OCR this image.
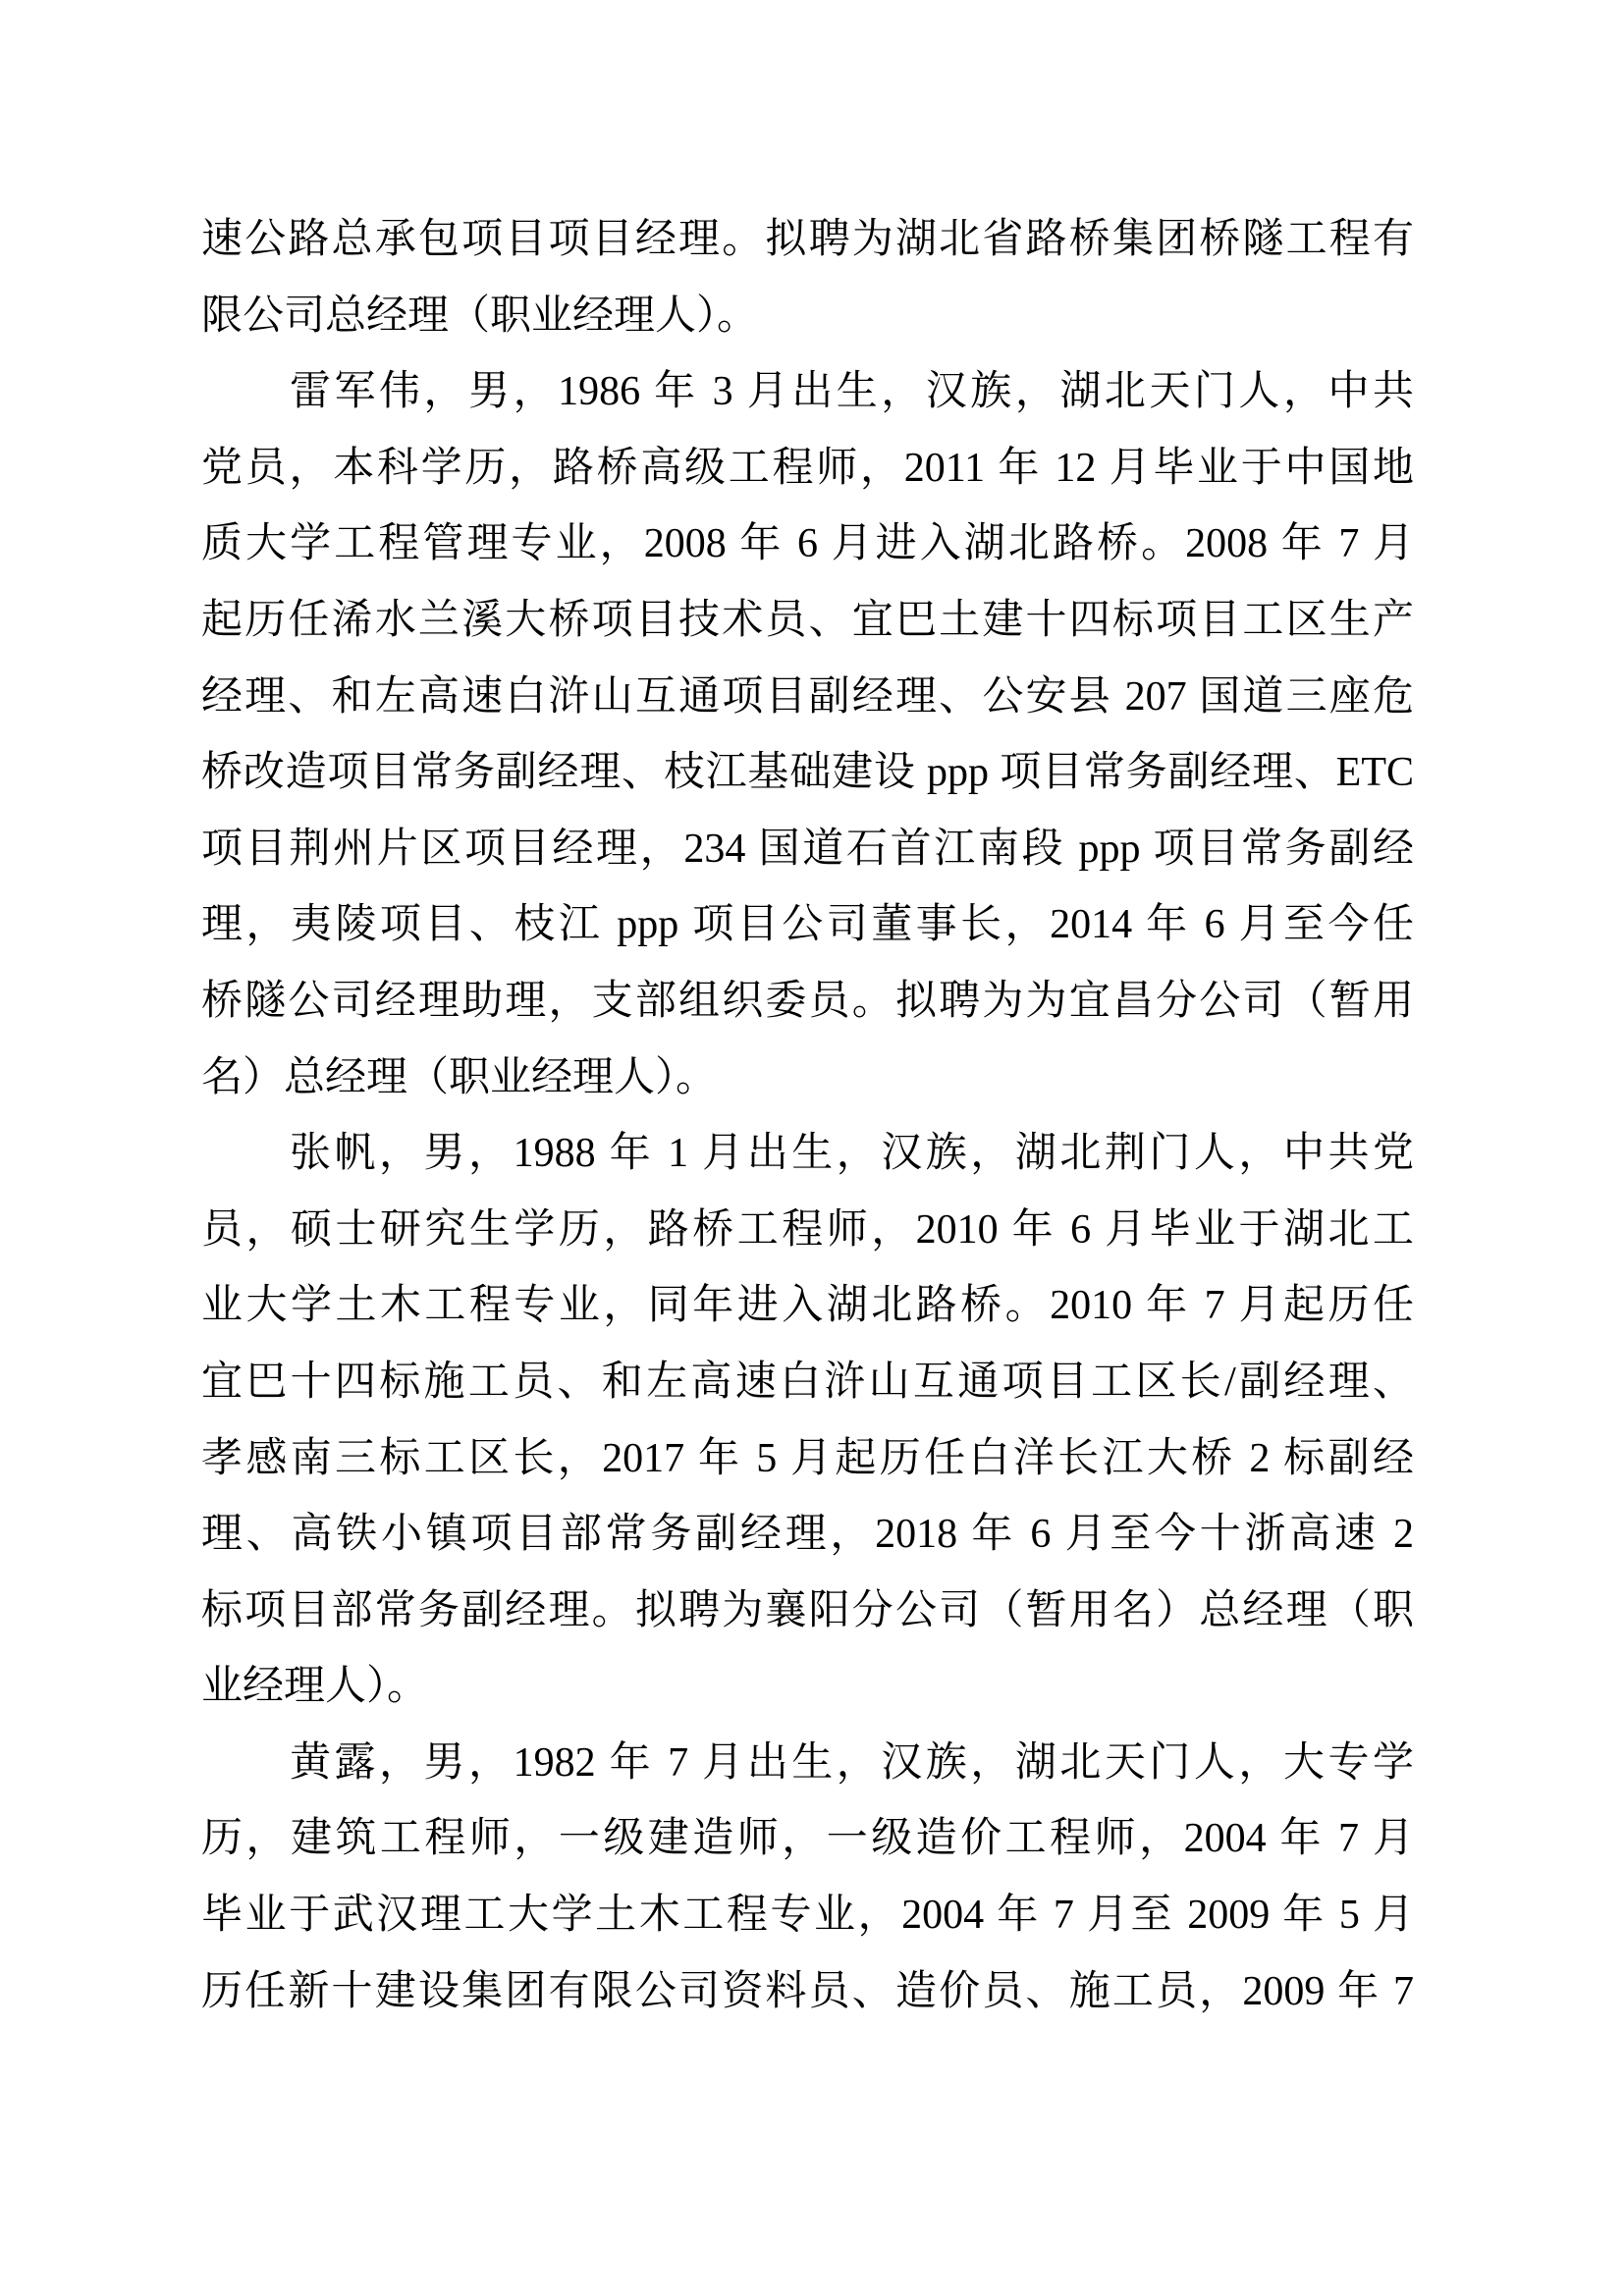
速公路总承包项目项目经理。拟聘为湖北省路桥集团桥隧工程有
限公司总经理（职业经理人）。
雷军伟，男，1986 年 3 月出生，汉族，湖北天门人，中共
党员，本科学历，路桥高级工程师，2011 年 12 月毕业于中国地
质大学工程管理专业，2008 年 6 月进入湖北路桥。2008 年 7 月
起历任浠水兰溪大桥项目技术员、宜巴土建十四标项目工区生产
经理、和左高速白浒山互通项目副经理、公安县 207 国道三座危
桥改造项目常务副经理、枝江基础建设 ppp 项目常务副经理、ETC
项目荆州片区项目经理，234 国道石首江南段 ppp 项目常务副经
理，夷陵项目、枝江 ppp 项目公司董事长，2014 年 6 月至今任
桥隧公司经理助理，支部组织委员。拟聘为为宜昌分公司（暂用
名）总经理（职业经理人）。
张帆，男，1988 年 1 月出生，汉族，湖北荆门人，中共党
员，硕士研究生学历，路桥工程师，2010 年 6 月毕业于湖北工
业大学土木工程专业，同年进入湖北路桥。2010 年 7 月起历任
宜巴十四标施工员、和左高速白浒山互通项目工区长/副经理、
孝感南三标工区长，2017 年 5 月起历任白洋长江大桥 2 标副经
理、高铁小镇项目部常务副经理，2018 年 6 月至今十浙高速 2
标项目部常务副经理。拟聘为襄阳分公司（暂用名）总经理（职
业经理人）。
黄露，男，1982 年 7 月出生，汉族，湖北天门人，大专学
历，建筑工程师，一级建造师，一级造价工程师，2004 年 7 月
毕业于武汉理工大学土木工程专业，2004 年 7 月至 2009 年 5 月
历任新十建设集团有限公司资料员、造价员、施工员，2009 年 7
